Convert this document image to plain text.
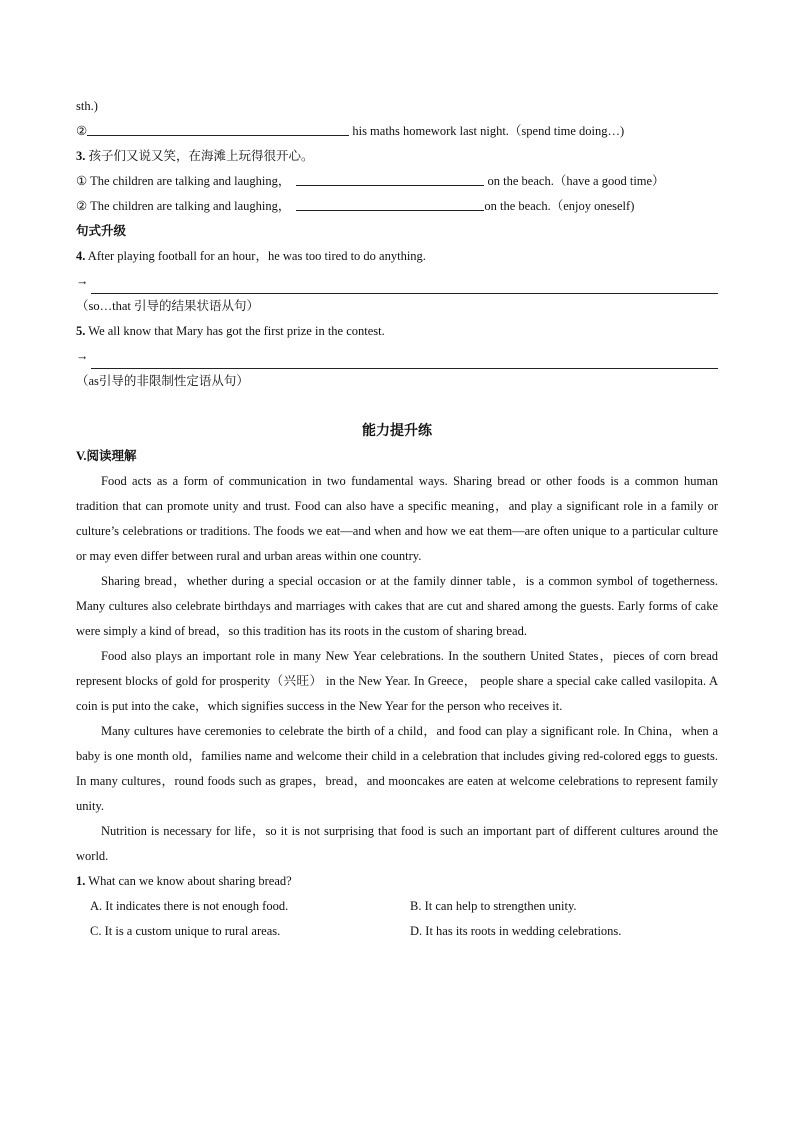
sth.)
②	his maths homework last night.（spend time doing…)
3. 孩子们又说又笑，在海滩上玩得很开心。
① The children are talking and laughing，	on the beach.（have a good time）
② The children are talking and laughing，	on the beach.（enjoy oneself)
句式升级
4. After playing football for an hour，he was too tired to do anything.
→
（so…that 引导的结果状语从句）
5. We all know that Mary has got the first prize in the contest.
→
（as引导的非限制性定语从句）
能力提升练
V.阅读理解

Food acts as a form of communication in two fundamental ways. Sharing bread or other foods is a common human tradition that can promote unity and trust. Food can also have a specific meaning，and play a significant role in a family or culture’s celebrations or traditions. The foods we eat—and when and how we eat them—are often unique to a particular culture or may even differ between rural and urban areas within one country.

Sharing bread，whether during a special occasion or at the family dinner table，is a common symbol of togetherness. Many cultures also celebrate birthdays and marriages with cakes that are cut and shared among the guests. Early forms of cake were simply a kind of bread，so this tradition has its roots in the custom of sharing bread.

Food also plays an important role in many New Year celebrations. In the southern United States，pieces of corn bread represent blocks of gold for prosperity（兴旺） in the New Year. In Greece， people share a special cake called vasilopita. A coin is put into the cake，which signifies success in the New Year for the person who receives it.

Many cultures have ceremonies to celebrate the birth of a child，and food can play a significant role. In China，when a baby is one month old，families name and welcome their child in a celebration that includes giving red-colored eggs to guests. In many cultures，round foods such as grapes，bread，and mooncakes are eaten at welcome celebrations to represent family unity.

Nutrition is necessary for life，so it is not surprising that food is such an important part of different cultures around the world.

1. What can we know about sharing bread?
A. It indicates there is not enough food.	B. It can help to strengthen unity.
C. It is a custom unique to rural areas.	D. It has its roots in wedding celebrations.
